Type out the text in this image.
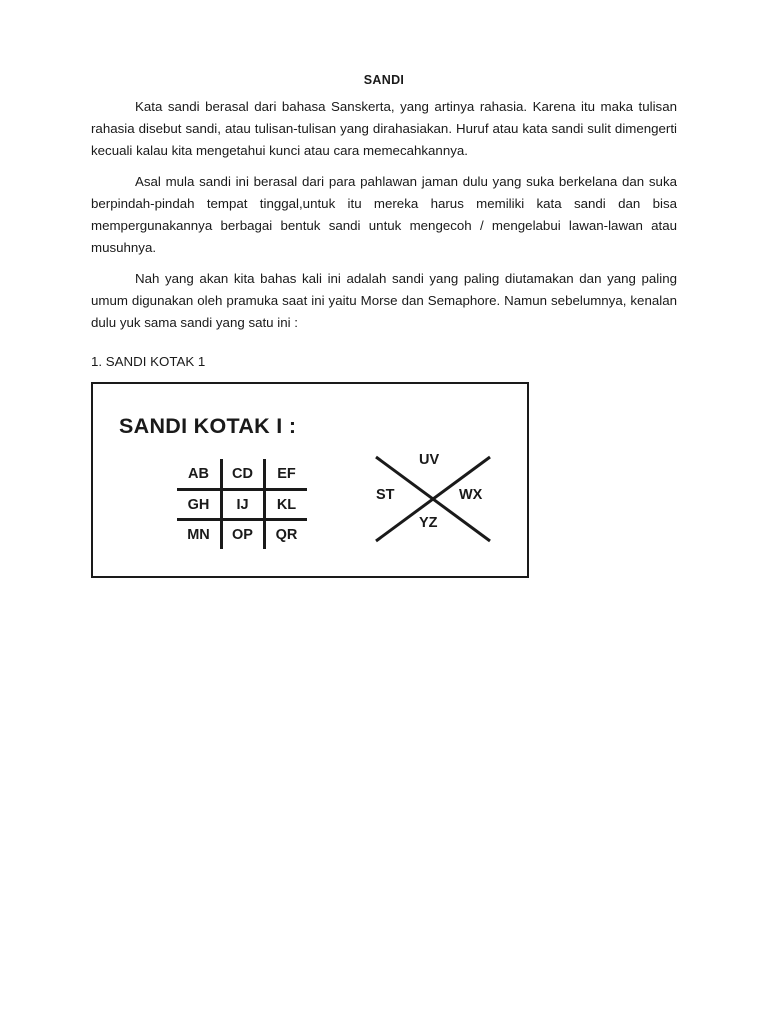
SANDI

Kata sandi berasal dari bahasa Sanskerta, yang artinya rahasia. Karena itu maka tulisan rahasia disebut sandi, atau tulisan-tulisan yang dirahasiakan. Huruf atau kata sandi sulit dimengerti kecuali kalau kita mengetahui kunci atau cara memecahkannya.

Asal mula sandi ini berasal dari para pahlawan jaman dulu yang suka berkelana dan suka berpindah-pindah tempat tinggal,untuk itu mereka harus memiliki kata sandi dan bisa mempergunakannya berbagai bentuk sandi untuk mengecoh / mengelabui lawan-lawan atau musuhnya.

Nah yang akan kita bahas kali ini adalah sandi yang paling diutamakan dan yang paling umum digunakan oleh pramuka saat ini yaitu Morse dan Semaphore. Namun sebelumnya, kenalan dulu yuk sama sandi yang satu ini :

1. SANDI KOTAK 1
SANDI KOTAK I :
AB	CD	EF
GH	IJ	KL
MN	OP	QR
UV
ST	WX
YZ
